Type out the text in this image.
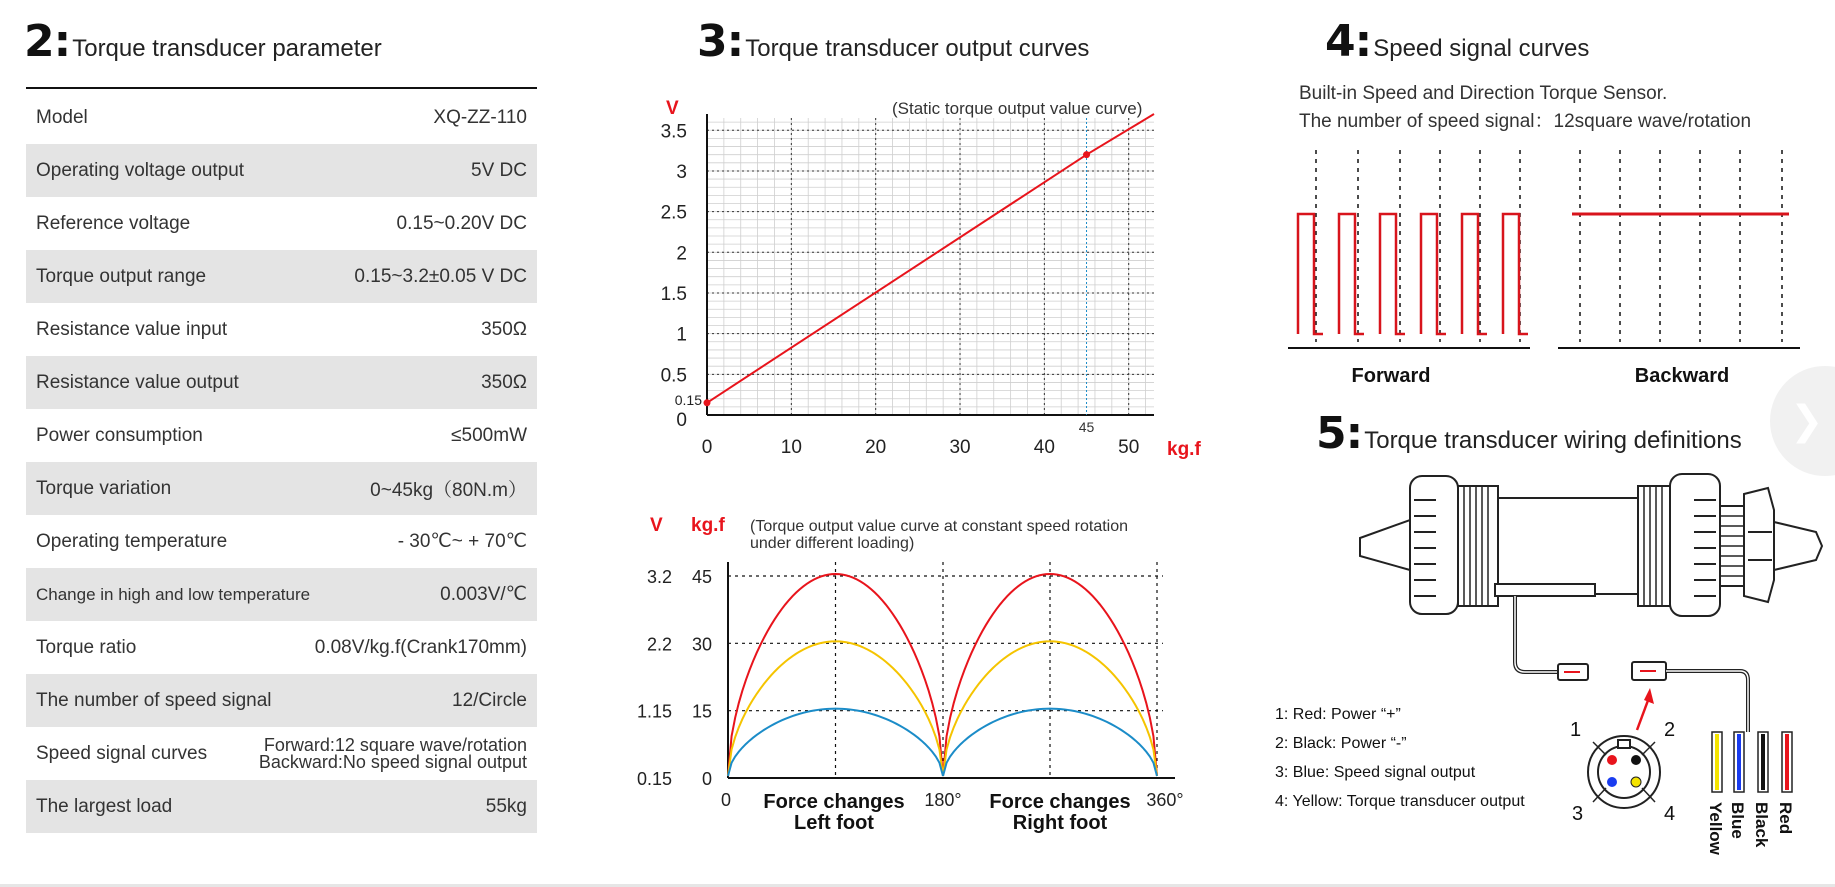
2: Torque transducer parameter
Model	XQ-ZZ-110
Operating voltage output	5V DC
Reference voltage	0.15~0.20V DC
Torque output range	0.15~3.2±0.05 V DC
Resistance value input	350Ω
Resistance value output	350Ω
Power consumption	≤500mW
Torque variation	0~45kg（80N.m）
Operating temperature	- 30℃~ + 70℃
Change in high and low temperature	0.003V/℃
Torque ratio	0.08V/kg.f(Crank170mm)
The number of speed signal	12/Circle
Speed signal curves	Forward:12 square wave/rotation
Backward:No speed signal output
The largest load	55kg
3: Torque transducer output curves
V	(Static torque output value curve)
0	10	20	30	40	50
0
0.5
1
1.5
2
2.5
3
3.5
45
0.15
kg.f
V kg.f (Torque output value curve at constant speed rotation
under different loading)
0.15 0
1.15 15
2.2 30
3.2 45
0	180°	360°
Force changes
Left foot
Force changes
Right foot
4: Speed signal curves
Built-in Speed and Direction Torque Sensor.
The number of speed signal：12square wave/rotation
Forward	Backward
5: Torque transducer wiring definitions
1	2
3	4 Yellow Blue Black Red
1: Red: Power “+”
2: Black: Power “-”
3: Blue: Speed signal output
4: Yellow: Torque transducer output
❯
